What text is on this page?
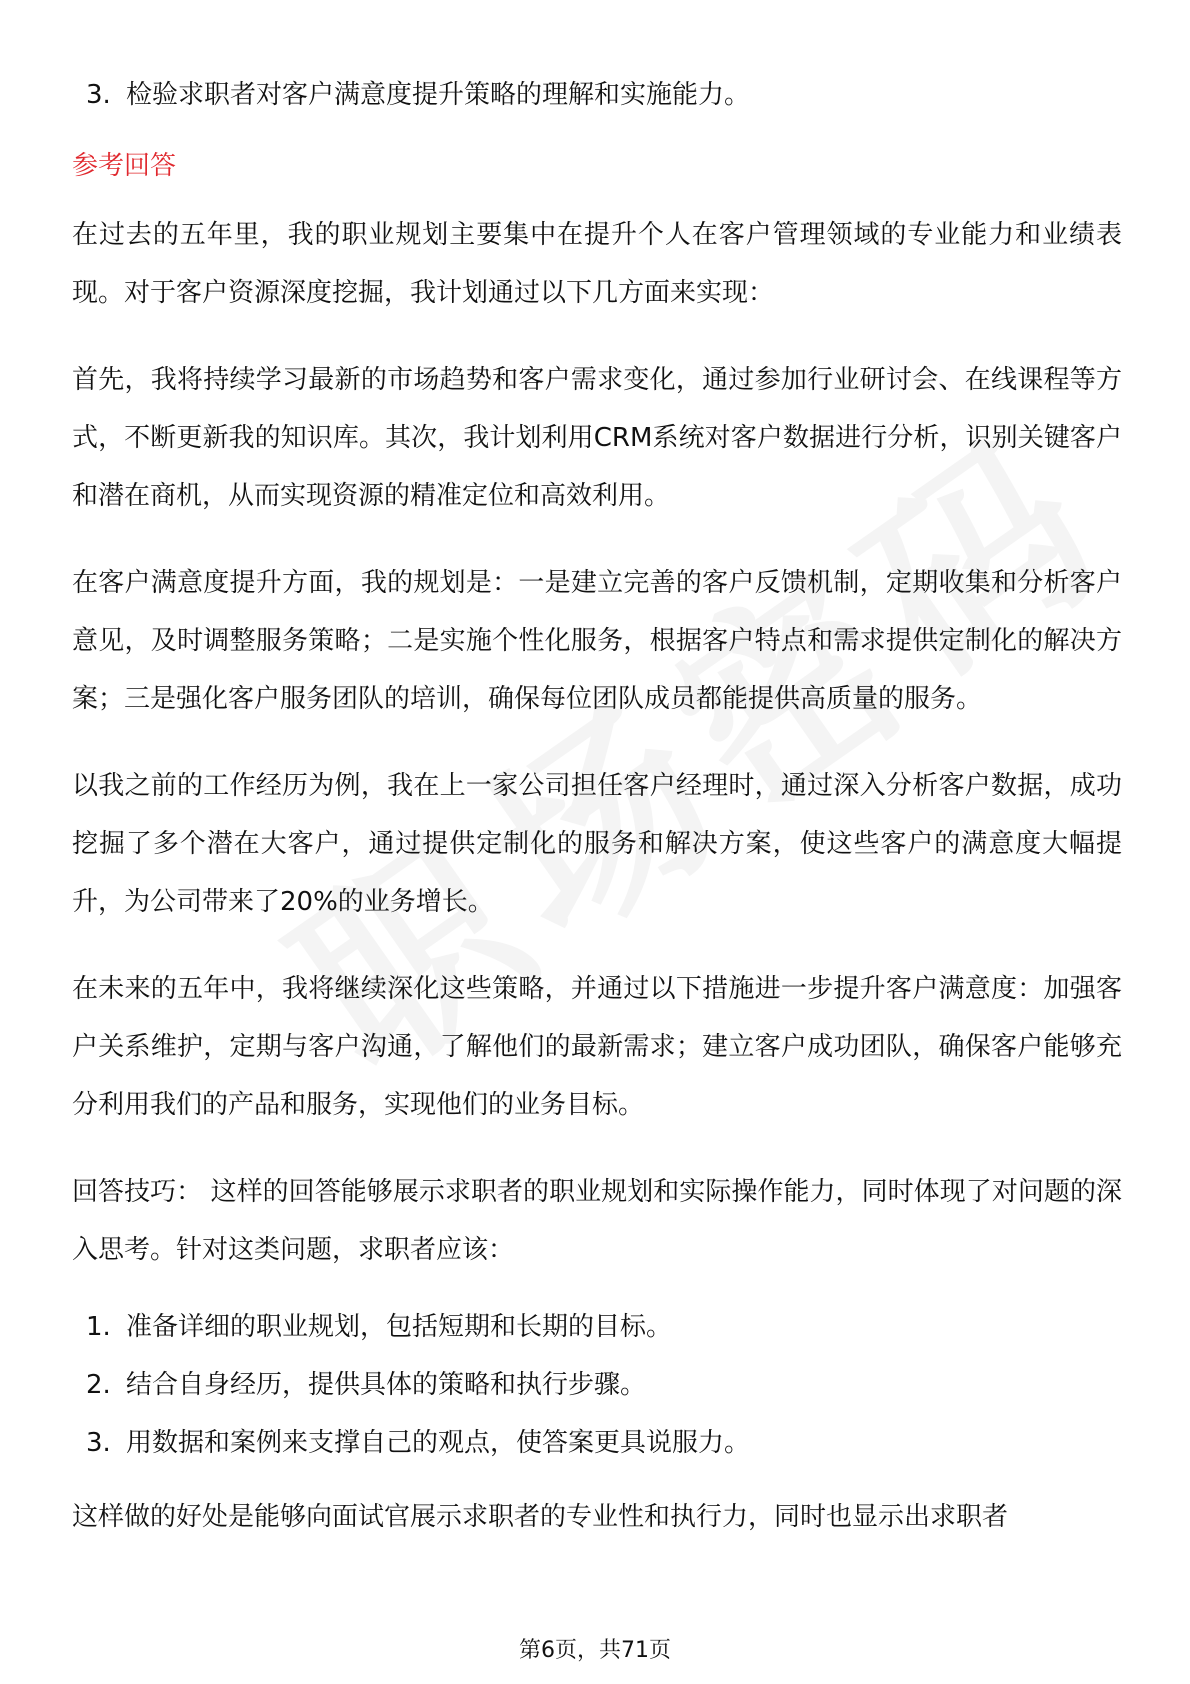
3. 检验求职者对客户满意度提升策略的理解和实施能力。
参考回答

在过去的五年里，我的职业规划主要集中在提升个人在客户管理领域的专业能力和业绩表现。对于客户资源深度挖掘，我计划通过以下几方面来实现：

首先，我将持续学习最新的市场趋势和客户需求变化，通过参加行业研讨会、在线课程等方式，不断更新我的知识库。其次，我计划利用CRM系统对客户数据进行分析，识别关键客户和潜在商机，从而实现资源的精准定位和高效利用。

在客户满意度提升方面，我的规划是：一是建立完善的客户反馈机制，定期收集和分析客户意见，及时调整服务策略；二是实施个性化服务，根据客户特点和需求提供定制化的解决方案；三是强化客户服务团队的培训，确保每位团队成员都能提供高质量的服务。

以我之前的工作经历为例，我在上一家公司担任客户经理时，通过深入分析客户数据，成功挖掘了多个潜在大客户，通过提供定制化的服务和解决方案，使这些客户的满意度大幅提升，为公司带来了20%的业务增长。

在未来的五年中，我将继续深化这些策略，并通过以下措施进一步提升客户满意度：加强客户关系维护，定期与客户沟通，了解他们的最新需求；建立客户成功团队，确保客户能够充分利用我们的产品和服务，实现他们的业务目标。

回答技巧： 这样的回答能够展示求职者的职业规划和实际操作能力，同时体现了对问题的深入思考。针对这类问题，求职者应该：

1. 准备详细的职业规划，包括短期和长期的目标。
2. 结合自身经历，提供具体的策略和执行步骤。
3. 用数据和案例来支撑自己的观点，使答案更具说服力。

这样做的好处是能够向面试官展示求职者的专业性和执行力，同时也显示出求职者

第6页，共71页
